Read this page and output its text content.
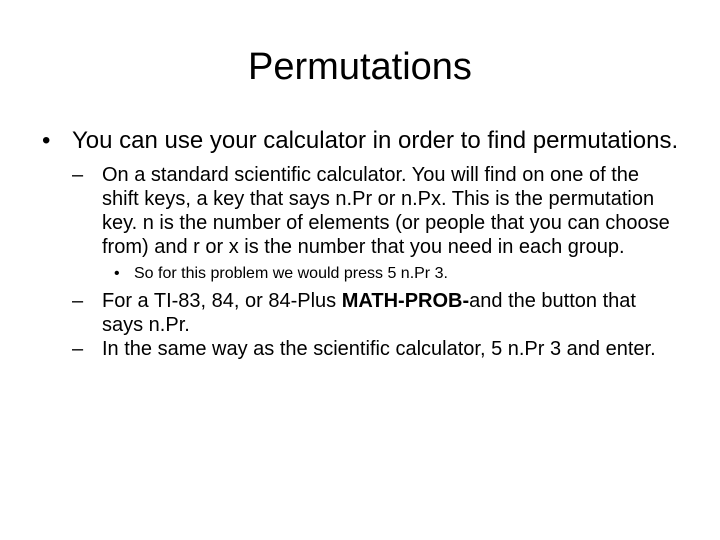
Permutations
• You can use your calculator in order to find permutations.
– On a standard scientific calculator. You will find on one of the shift keys, a key that says n.Pr or n.Px. This is the permutation key. n is the number of elements (or people that you can choose from) and r or x is the number that you need in each group.
• So for this problem we would press 5 n.Pr 3.
– For a TI-83, 84, or 84-Plus MATH-PROB-and the button that says n.Pr.
– In the same way as the scientific calculator, 5 n.Pr 3 and enter.
